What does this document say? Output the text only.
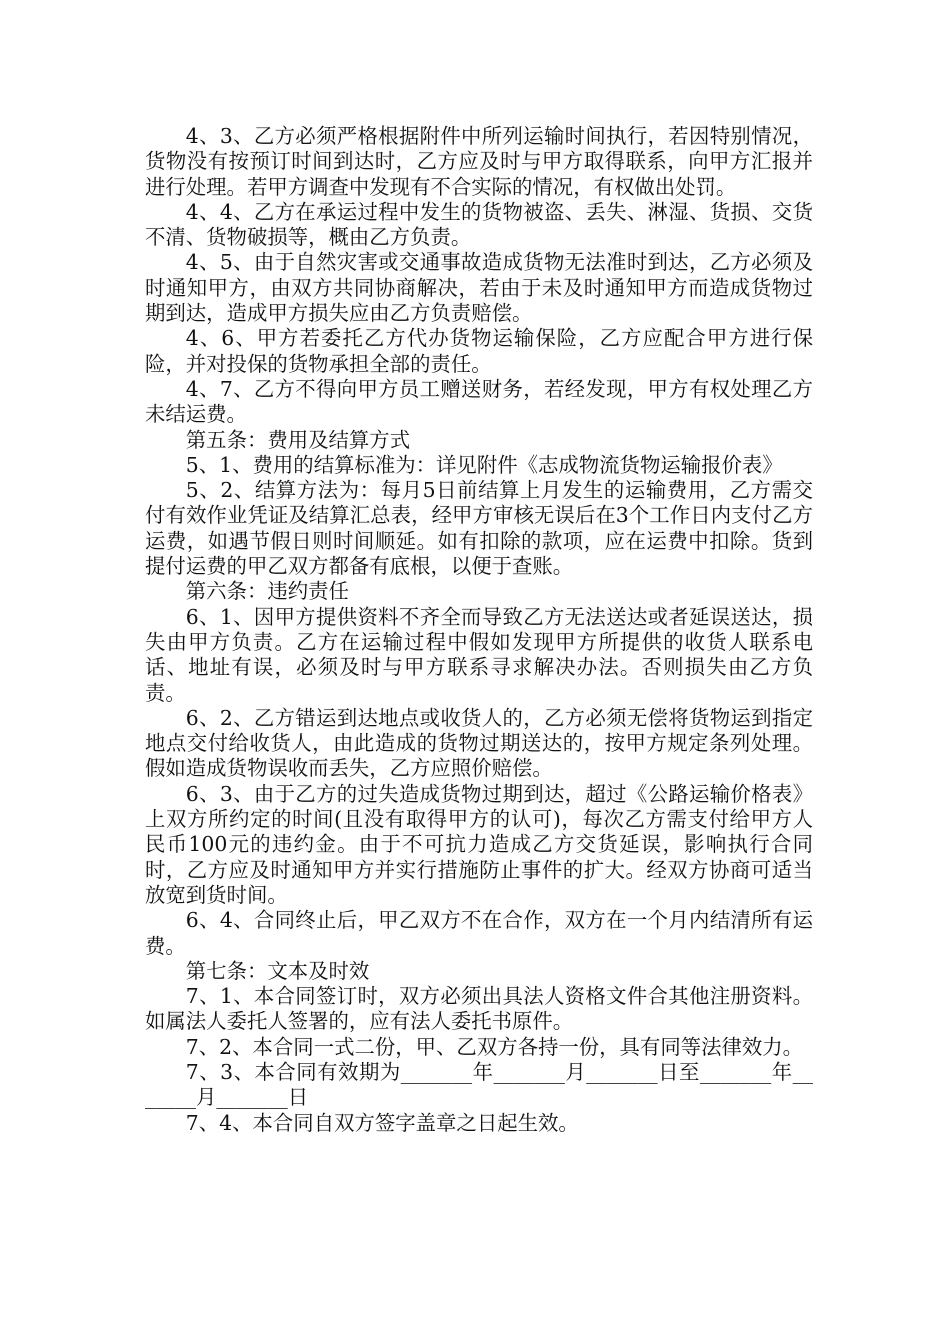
4、3、乙方必须严格根据附件中所列运输时间执行，若因特别情况，货物没有按预订时间到达时，乙方应及时与甲方取得联系，向甲方汇报并进行处理。若甲方调查中发现有不合实际的情况，有权做出处罚。

4、4、乙方在承运过程中发生的货物被盗、丢失、淋湿、货损、交货不清、货物破损等，概由乙方负责。

4、5、由于自然灾害或交通事故造成货物无法准时到达，乙方必须及时通知甲方，由双方共同协商解决，若由于未及时通知甲方而造成货物过期到达，造成甲方损失应由乙方负责赔偿。

4、6、甲方若委托乙方代办货物运输保险，乙方应配合甲方进行保险，并对投保的货物承担全部的责任。

4、7、乙方不得向甲方员工赠送财务，若经发现，甲方有权处理乙方未结运费。

第五条：费用及结算方式

5、1、费用的结算标准为：详见附件《志成物流货物运输报价表》

5、2、结算方法为：每月5日前结算上月发生的运输费用，乙方需交付有效作业凭证及结算汇总表，经甲方审核无误后在3个工作日内支付乙方运费，如遇节假日则时间顺延。如有扣除的款项，应在运费中扣除。货到提付运费的甲乙双方都备有底根，以便于查账。

第六条：违约责任

6、1、因甲方提供资料不齐全而导致乙方无法送达或者延误送达，损失由甲方负责。乙方在运输过程中假如发现甲方所提供的收货人联系电话、地址有误，必须及时与甲方联系寻求解决办法。否则损失由乙方负责。

6、2、乙方错运到达地点或收货人的，乙方必须无偿将货物运到指定地点交付给收货人，由此造成的货物过期送达的，按甲方规定条列处理。假如造成货物误收而丢失，乙方应照价赔偿。

6、3、由于乙方的过失造成货物过期到达，超过《公路运输价格表》上双方所约定的时间(且没有取得甲方的认可)，每次乙方需支付给甲方人民币100元的违约金。由于不可抗力造成乙方交货延误，影响执行合同时，乙方应及时通知甲方并实行措施防止事件的扩大。经双方协商可适当放宽到货时间。

6、4、合同终止后，甲乙双方不在合作，双方在一个月内结清所有运费。

第七条：文本及时效

7、1、本合同签订时，双方必须出具法人资格文件合其他注册资料。如属法人委托人签署的，应有法人委托书原件。

7、2、本合同一式二份，甲、乙双方各持一份，具有同等法律效力。

7、3、本合同有效期为_______年_______月_______日至_______年_______月_______日

7、4、本合同自双方签字盖章之日起生效。
